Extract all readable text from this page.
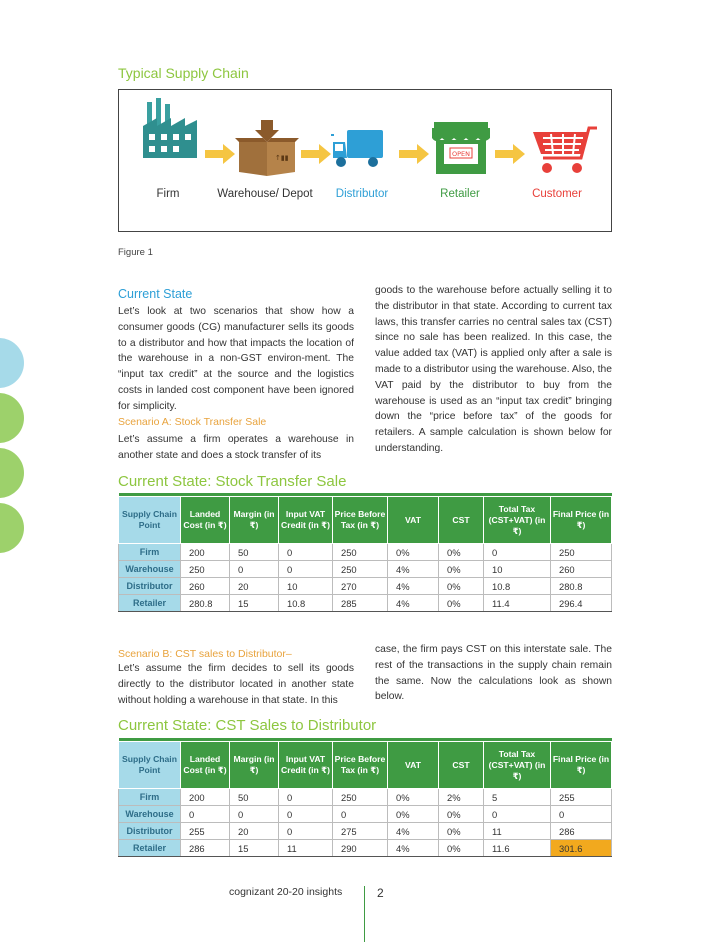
Typical Supply Chain
↑▮▮	OPEN
Firm	Warehouse/ Depot	Distributor	Retailer	Customer
Figure 1
Current State
Let’s look at two scenarios that show how a consumer goods (CG) manufacturer sells its goods to a distributor and how that impacts the location of the warehouse in a non-GST environ-ment. The “input tax credit” at the source and the logistics costs in landed cost component have been ignored for simplicity.
Scenario A: Stock Transfer Sale
Let’s assume a firm operates a warehouse in another state and does a stock transfer of its
goods to the warehouse before actually selling it to the distributor in that state. According to current tax laws, this transfer carries no central sales tax (CST) since no sale has been realized. In this case, the value added tax (VAT) is applied only after a sale is made to a distributor using the warehouse. Also, the VAT paid by the distributor to buy from the warehouse is used as an “input tax credit” bringing down the “price before tax” of the goods for retailers. A sample calculation is shown below for understanding.
Current State: Stock Transfer Sale

Supply Chain Point	Landed Cost (in ₹)	Margin (in ₹)	Input VAT Credit (in ₹)	Price Before Tax (in ₹)	VAT	CST	Total Tax (CST+VAT) (in ₹)	Final Price (in ₹)
Firm	200	50	0	250	0%	0%	0	250
Warehouse	250	0	0	250	4%	0%	10	260
Distributor	260	20	10	270	4%	0%	10.8	280.8
Retailer	280.8	15	10.8	285	4%	0%	11.4	296.4
Scenario B: CST sales to Distributor–
Let’s assume the firm decides to sell its goods directly to the distributor located in another state without holding a warehouse in that state. In this
case, the firm pays CST on this interstate sale. The rest of the transactions in the supply chain remain the same. Now the calculations look as shown below.
Current State: CST Sales to Distributor

Supply Chain Point	Landed Cost (in ₹)	Margin (in ₹)	Input VAT Credit (in ₹)	Price Before Tax (in ₹)	VAT	CST	Total Tax (CST+VAT) (in ₹)	Final Price (in ₹)
Firm	200	50	0	250	0%	2%	5	255
Warehouse	0	0	0	0	0%	0%	0	0
Distributor	255	20	0	275	4%	0%	11	286
Retailer	286	15	11	290	4%	0%	11.6	301.6
cognizant 20-20 insights	2
